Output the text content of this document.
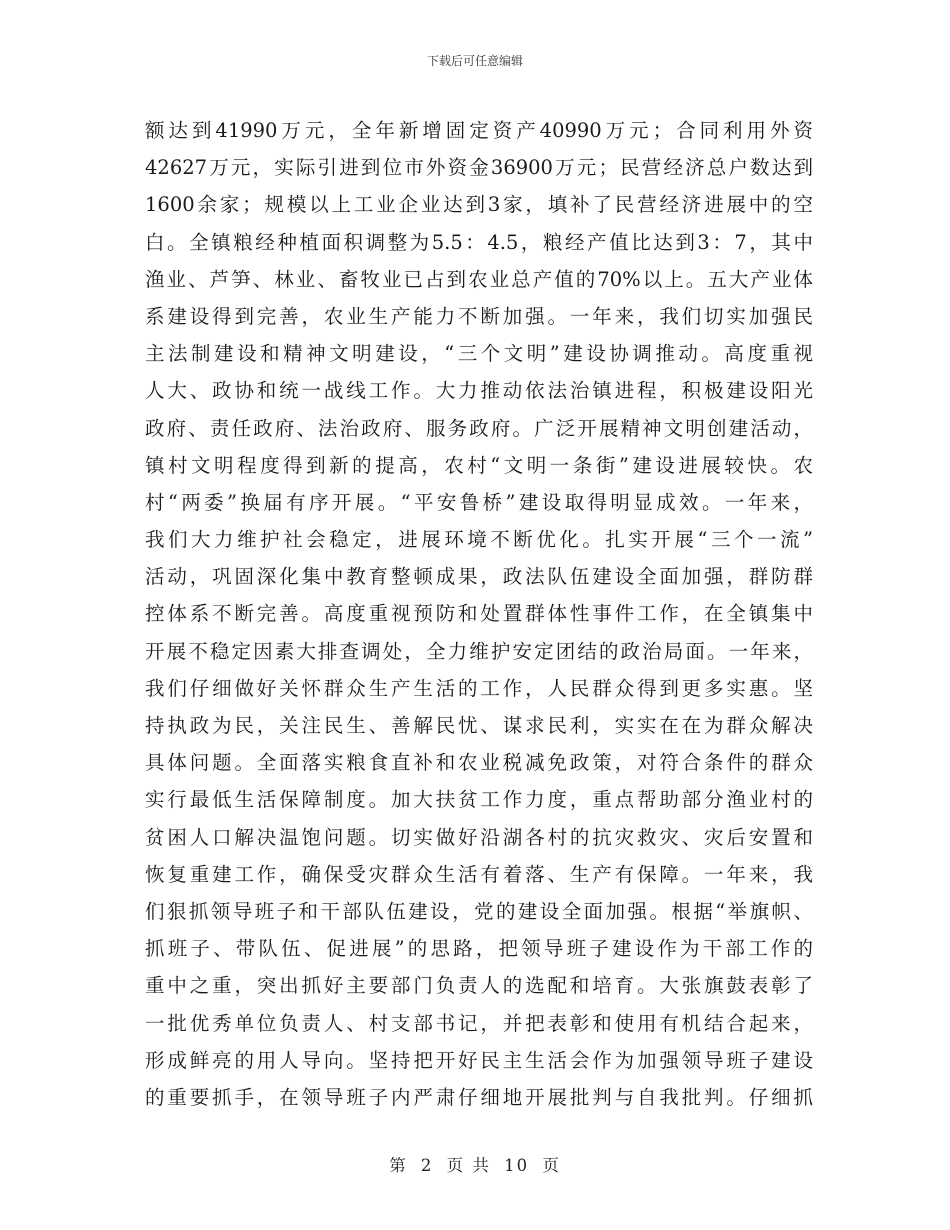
下载后可任意编辑
额达到41990万元，全年新增固定资产40990万元；合同利用外资
42627万元，实际引进到位市外资金36900万元；民营经济总户数达到
1600余家；规模以上工业企业达到3家，填补了民营经济进展中的空
白。全镇粮经种植面积调整为5.5：4.5，粮经产值比达到3：7，其中
渔业、芦笋、林业、畜牧业已占到农业总产值的70%以上。五大产业体
系建设得到完善，农业生产能力不断加强。一年来，我们切实加强民
主法制建设和精神文明建设，“三个文明”建设协调推动。高度重视
人大、政协和统一战线工作。大力推动依法治镇进程，积极建设阳光
政府、责任政府、法治政府、服务政府。广泛开展精神文明创建活动，
镇村文明程度得到新的提高，农村“文明一条街”建设进展较快。农
村“两委”换届有序开展。“平安鲁桥”建设取得明显成效。一年来，
我们大力维护社会稳定，进展环境不断优化。扎实开展“三个一流”
活动，巩固深化集中教育整顿成果，政法队伍建设全面加强，群防群
控体系不断完善。高度重视预防和处置群体性事件工作，在全镇集中
开展不稳定因素大排查调处，全力维护安定团结的政治局面。一年来，
我们仔细做好关怀群众生产生活的工作，人民群众得到更多实惠。坚
持执政为民，关注民生、善解民忧、谋求民利，实实在在为群众解决
具体问题。全面落实粮食直补和农业税减免政策，对符合条件的群众
实行最低生活保障制度。加大扶贫工作力度，重点帮助部分渔业村的
贫困人口解决温饱问题。切实做好沿湖各村的抗灾救灾、灾后安置和
恢复重建工作，确保受灾群众生活有着落、生产有保障。一年来，我
们狠抓领导班子和干部队伍建设，党的建设全面加强。根据“举旗帜、
抓班子、带队伍、促进展”的思路，把领导班子建设作为干部工作的
重中之重，突出抓好主要部门负责人的选配和培育。大张旗鼓表彰了
一批优秀单位负责人、村支部书记，并把表彰和使用有机结合起来，
形成鲜亮的用人导向。坚持把开好民主生活会作为加强领导班子建设
的重要抓手，在领导班子内严肃仔细地开展批判与自我批判。仔细抓
第 2 页 共 10 页
